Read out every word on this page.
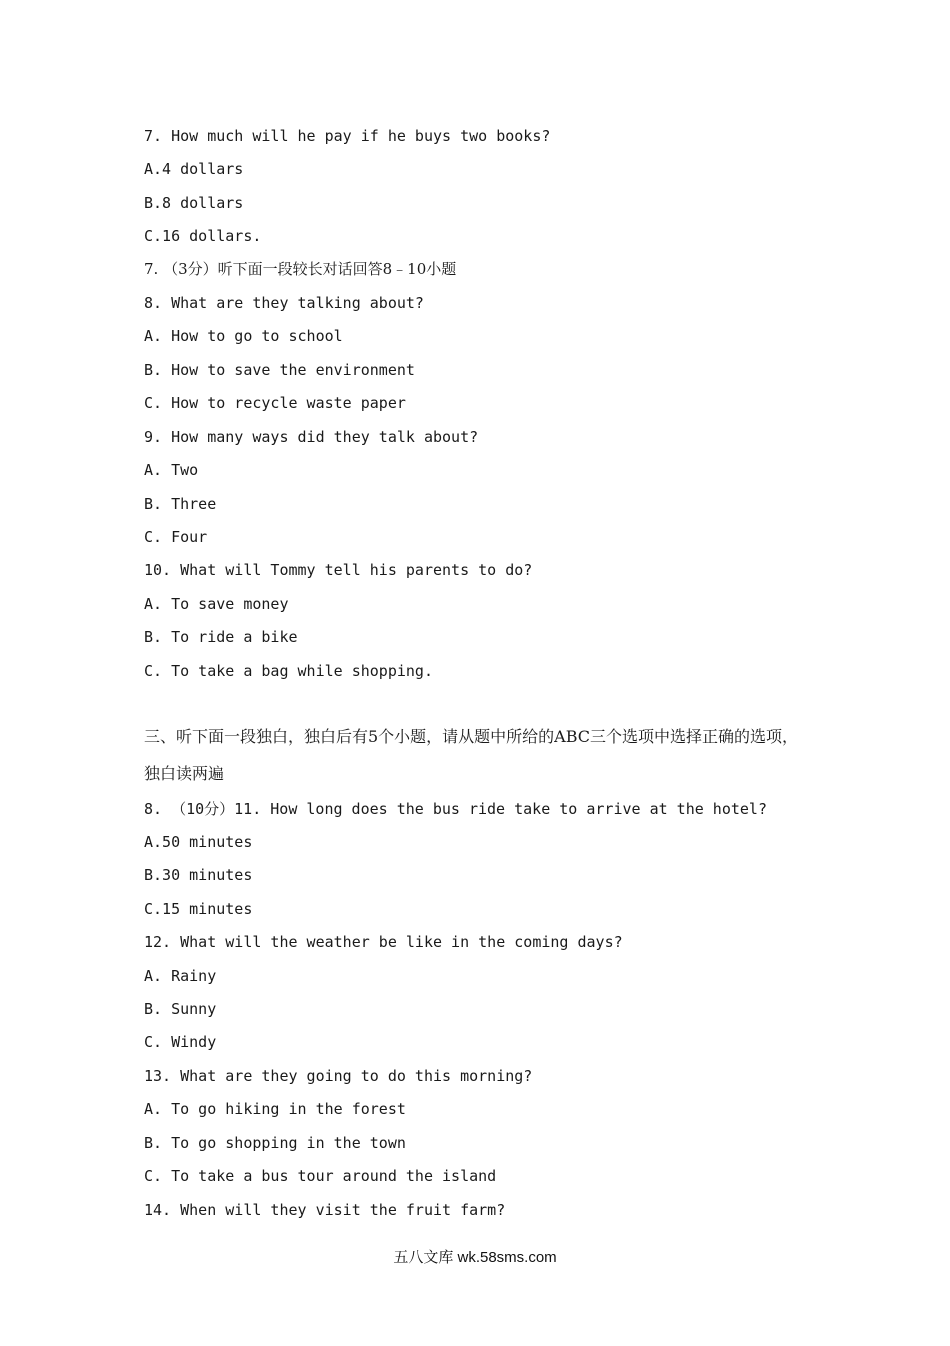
7. How much will he pay if he buys two books?
A.4 dollars
B.8 dollars
C.16 dollars.
7. （3分）听下面一段较长对话回答8﹣10小题
8. What are they talking about?
A. How to go to school
B. How to save the environment
C. How to recycle waste paper
9. How many ways did they talk about?
A. Two
B. Three
C. Four
10. What will Tommy tell his parents to do?
A. To save money
B. To ride a bike
C. To take a bag while shopping.
三、听下面一段独白，独白后有5个小题，请从题中所给的ABC三个选项中选择正确的选项，独白读两遍
8. （10分）11. How long does the bus ride take to arrive at the hotel?
A.50 minutes
B.30 minutes
C.15 minutes
12. What will the weather be like in the coming days?
A. Rainy
B. Sunny
C. Windy
13. What are they going to do this morning?
A. To go hiking in the forest
B. To go shopping in the town
C. To take a bus tour around the island
14. When will they visit the fruit farm?
五八文库 wk.58sms.com
